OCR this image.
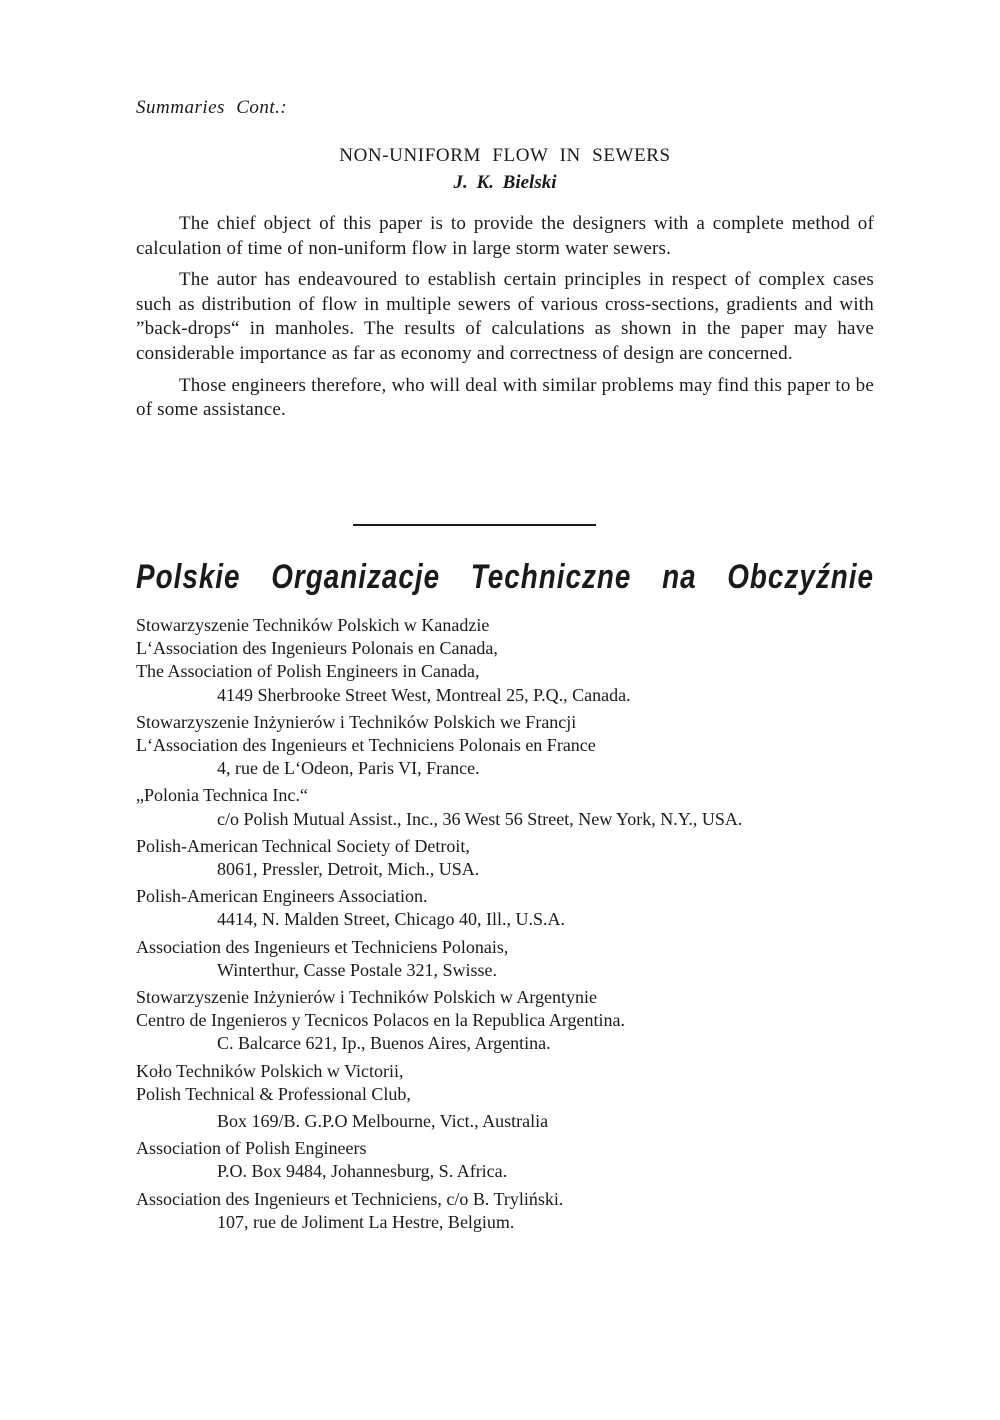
Summaries Cont.:
NON-UNIFORM FLOW IN SEWERS
J. K. Bielski

The chief object of this paper is to provide the designers with a complete method of calculation of time of non-uniform flow in large storm water sewers.

The autor has endeavoured to establish certain principles in respect of complex cases such as distribution of flow in multiple sewers of various cross-sections, gradients and with ”back-drops“ in manholes. The results of calculations as shown in the paper may have considerable importance as far as economy and correctness of design are concerned.

Those engineers therefore, who will deal with similar problems may find this paper to be of some assistance.

Polskie Organizacje Techniczne na Obczyźnie
Stowarzyszenie Techników Polskich w Kanadzie
L‘Association des Ingenieurs Polonais en Canada,
The Association of Polish Engineers in Canada,
4149 Sherbrooke Street West, Montreal 25, P.Q., Canada.
Stowarzyszenie Inżynierów i Techników Polskich we Francji
L‘Association des Ingenieurs et Techniciens Polonais en France
4, rue de L‘Odeon, Paris VI, France.
„Polonia Technica Inc.“
c/o Polish Mutual Assist., Inc., 36 West 56 Street, New York, N.Y., USA.
Polish-American Technical Society of Detroit,
8061, Pressler, Detroit, Mich., USA.
Polish-American Engineers Association.
4414, N. Malden Street, Chicago 40, Ill., U.S.A.
Association des Ingenieurs et Techniciens Polonais,
Winterthur, Casse Postale 321, Swisse.
Stowarzyszenie Inżynierów i Techników Polskich w Argentynie
Centro de Ingenieros y Tecnicos Polacos en la Republica Argentina.
C. Balcarce 621, Ip., Buenos Aires, Argentina.
Koło Techników Polskich w Victorii,
Polish Technical & Professional Club,
Box 169/B. G.P.O Melbourne, Vict., Australia
Association of Polish Engineers
P.O. Box 9484, Johannesburg, S. Africa.
Association des Ingenieurs et Techniciens, c/o B. Tryliński.
107, rue de Joliment La Hestre, Belgium.
